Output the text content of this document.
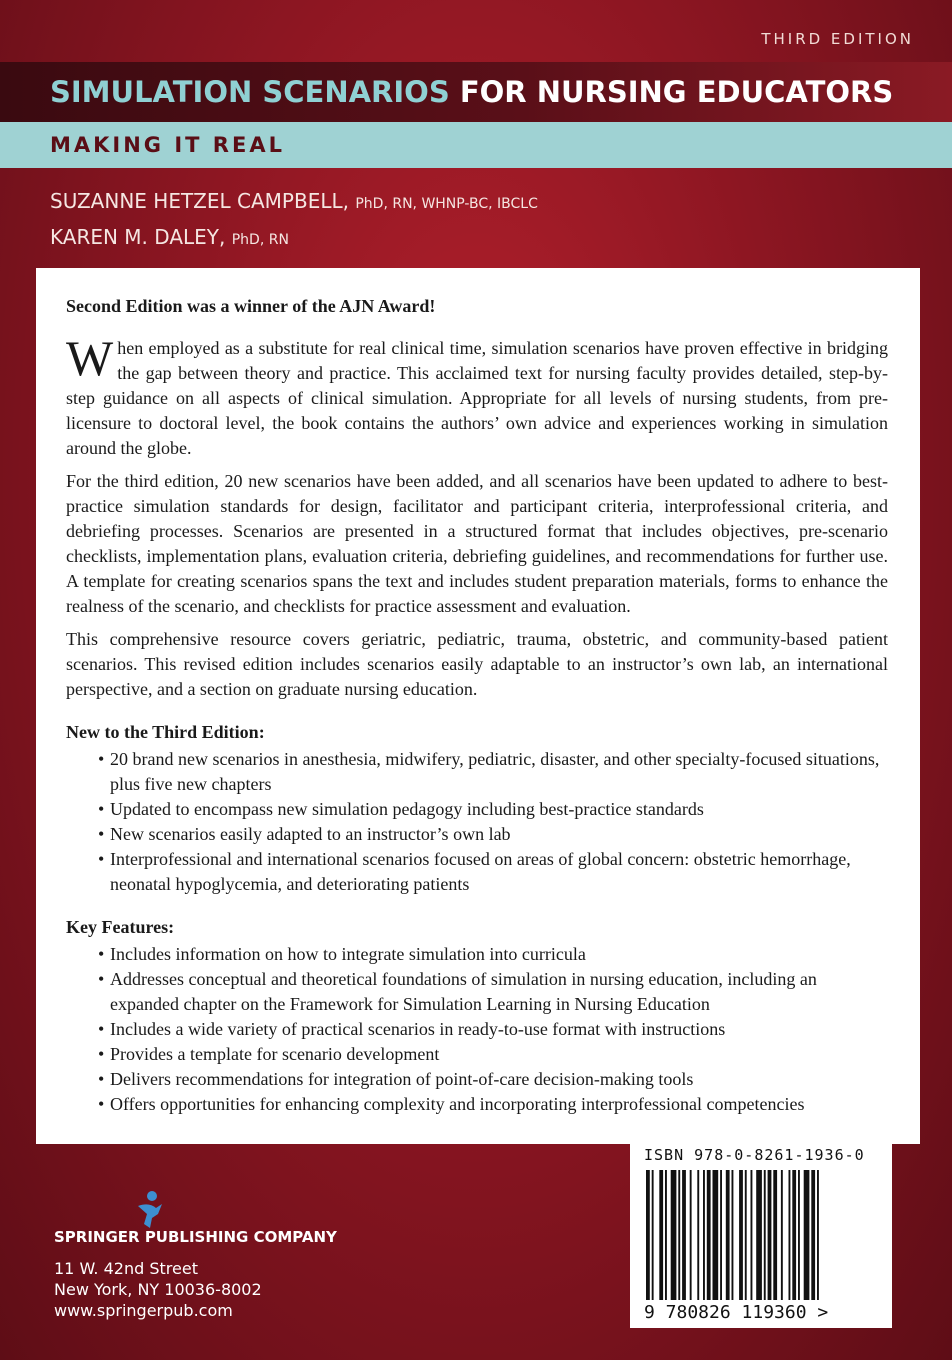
THIRD EDITION
SIMULATION SCENARIOS FOR NURSING EDUCATORS
MAKING IT REAL
SUZANNE HETZEL CAMPBELL, PhD, RN, WHNP-BC, IBCLC
KAREN M. DALEY, PhD, RN

Second Edition was a winner of the AJN Award!

When employed as a substitute for real clinical time, simulation scenarios have proven effective in bridging the gap between theory and practice. This acclaimed text for nursing faculty provides detailed, step-by-step guidance on all aspects of clinical simulation. Appropriate for all levels of nursing students, from pre-licensure to doctoral level, the book contains the authors’ own advice and experiences working in simulation around the globe.

For the third edition, 20 new scenarios have been added, and all scenarios have been updated to adhere to best-practice simulation standards for design, facilitator and participant criteria, interprofessional criteria, and debriefing processes. Scenarios are presented in a structured format that includes objectives, pre-scenario checklists, implementation plans, evaluation criteria, debriefing guidelines, and recommendations for further use. A template for creating scenarios spans the text and includes student preparation materials, forms to enhance the realness of the scenario, and checklists for practice assessment and evaluation.

This comprehensive resource covers geriatric, pediatric, trauma, obstetric, and community-based patient scenarios. This revised edition includes scenarios easily adaptable to an instructor’s own lab, an international perspective, and a section on graduate nursing education.

New to the Third Edition:

• 20 brand new scenarios in anesthesia, midwifery, pediatric, disaster, and other specialty-focused situations, plus five new chapters
• Updated to encompass new simulation pedagogy including best-practice standards
• New scenarios easily adapted to an instructor’s own lab
• Interprofessional and international scenarios focused on areas of global concern: obstetric hemorrhage, neonatal hypoglycemia, and deteriorating patients

Key Features:

• Includes information on how to integrate simulation into curricula
• Addresses conceptual and theoretical foundations of simulation in nursing education, including an expanded chapter on the Framework for Simulation Learning in Nursing Education
• Includes a wide variety of practical scenarios in ready-to-use format with instructions
• Provides a template for scenario development
• Delivers recommendations for integration of point-of-care decision-making tools
• Offers opportunities for enhancing complexity and incorporating interprofessional competencies
SPRINGER PUBLISHING COMPANY
11 W. 42nd Street
New York, NY 10036-8002
www.springerpub.com
ISBN 978-0-8261-1936-0
9 780826 119360 >
